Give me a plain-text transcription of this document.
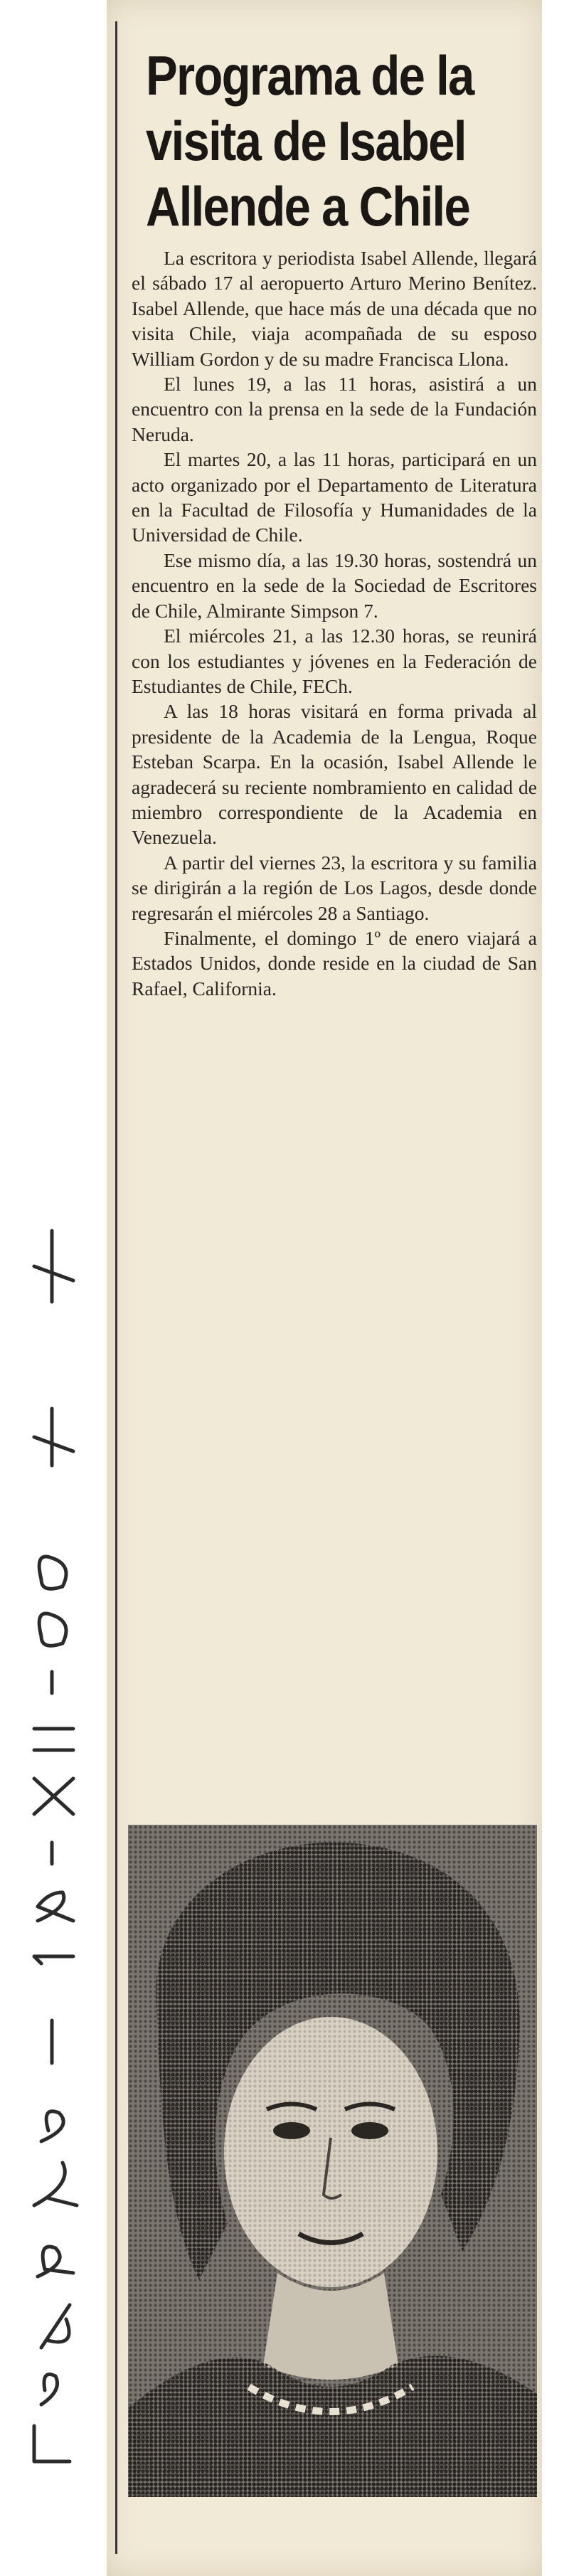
Programa de la
visita de Isabel
Allende a Chile

La escritora y periodista Isabel Allende, llegará el sábado 17 al aeropuerto Arturo Merino Benítez. Isabel Allende, que hace más de una década que no visita Chile, viaja acompañada de su esposo William Gordon y de su madre Francisca Llona.

El lunes 19, a las 11 horas, asistirá a un encuentro con la prensa en la sede de la Fundación Neruda.

El martes 20, a las 11 horas, participará en un acto organizado por el Departamento de Literatura en la Facultad de Filosofía y Humanidades de la Universidad de Chile.

Ese mismo día, a las 19.30 horas, sostendrá un encuentro en la sede de la Sociedad de Escritores de Chile, Almirante Simpson 7.

El miércoles 21, a las 12.30 horas, se reunirá con los estudiantes y jóvenes en la Federación de Estudiantes de Chile, FECh.

A las 18 horas visitará en forma privada al presidente de la Academia de la Lengua, Roque Esteban Scarpa. En la ocasión, Isabel Allende le agradecerá su reciente nombramiento en calidad de miembro correspondiente de la Academia en Venezuela.

A partir del viernes 23, la escritora y su familia se dirigirán a la región de Los Lagos, desde donde regresarán el miércoles 28 a Santiago.

Finalmente, el domingo 1º de enero viajará a Estados Unidos, donde reside en la ciudad de San Rafael, California.
